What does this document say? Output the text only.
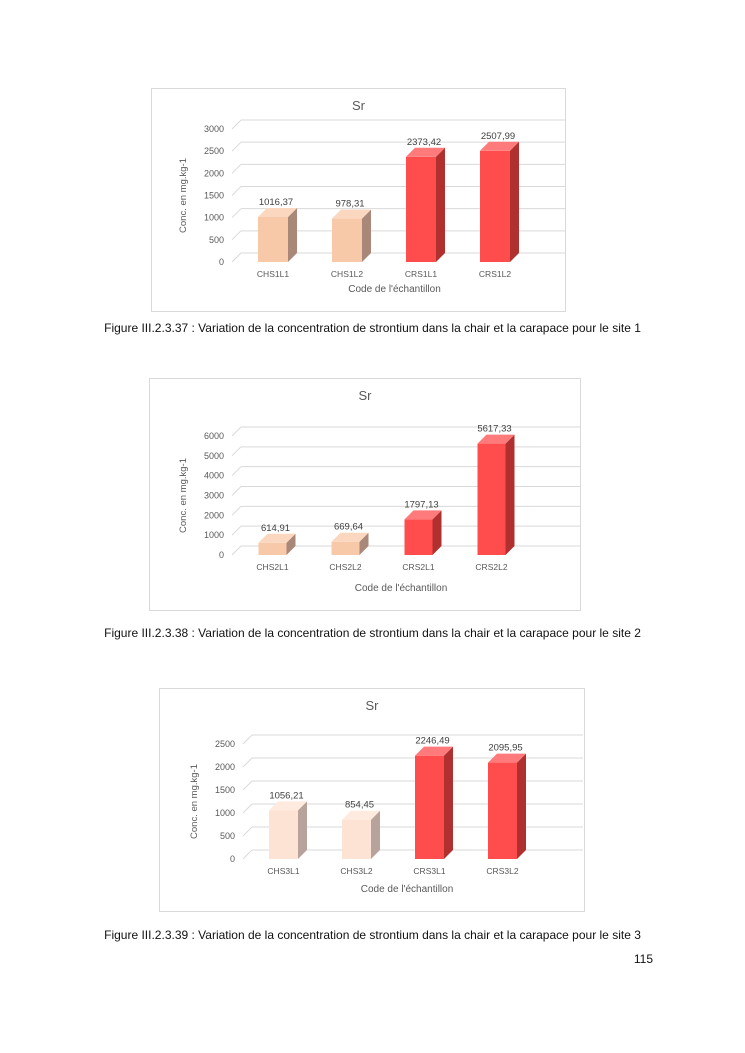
Sr
0
500
1000
1500
2000
2500
3000
Conc. en mg.kg-1	1016,37
CHS1L1
978,31
CHS1L2
2373,42
CRS1L1
2507,99
CRS1L2
Code de l'échantillon
Figure III.2.3.37 : Variation de la concentration de strontium dans la chair et la carapace pour le site 1
Sr
0
1000
2000
3000
4000
5000
6000
Conc. en mg.kg-1	614,91
CHS2L1
669,64
CHS2L2
1797,13
CRS2L1
5617,33
CRS2L2
Code de l'échantillon
Figure III.2.3.38 : Variation de la concentration de strontium dans la chair et la carapace pour le site 2
Sr
0
500
1000
1500
2000
2500
Conc. en mg.kg-1	1056,21
CHS3L1
854,45
CHS3L2
2246,49
CRS3L1
2095,95
CRS3L2
Code de l'échantillon
Figure III.2.3.39 : Variation de la concentration de strontium dans la chair et la carapace pour le site 3
115
